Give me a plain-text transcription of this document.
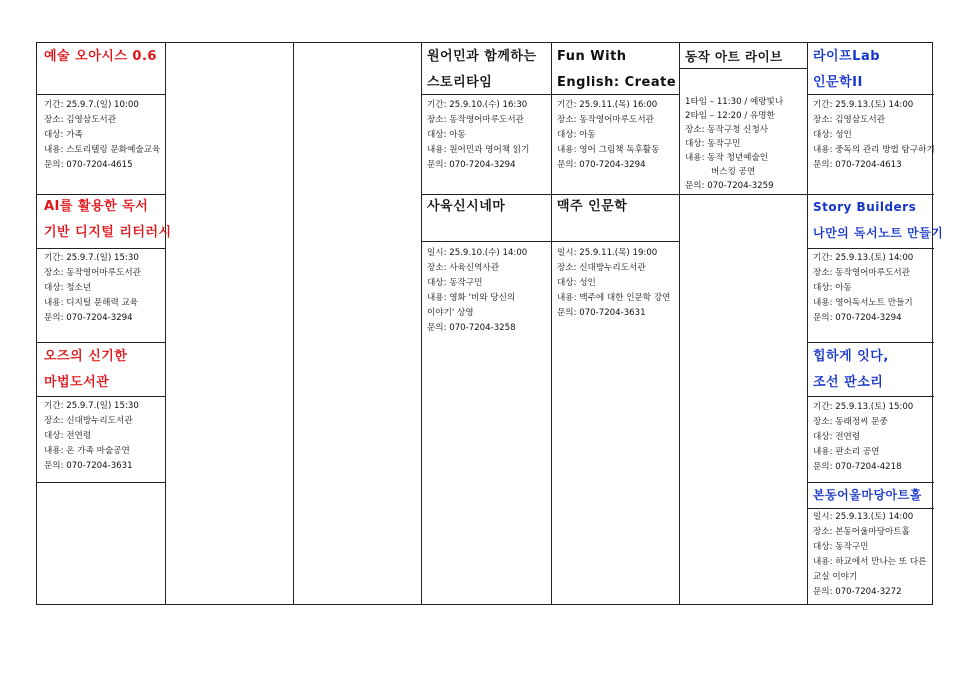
예술 오아시스 0.6
기간: 25.9.7.(일) 10:00
장소: 김영삼도서관
대상: 가족
내용: 스토리텔링 문화예술교육
문의: 070-7204-4615
AI를 활용한 독서
기반 디지털 리터러시
기간: 25.9.7.(일) 15:30
장소: 동작영어마루도서관
대상: 청소년
내용: 디지털 문해력 교육
문의: 070-7204-3294
오즈의 신기한
마법도서관
기간: 25.9.7.(일) 15:30
장소: 신대방누리도서관
대상: 전연령
내용: 온 가족 마술공연
문의: 070-7204-3631
원어민과 함께하는
스토리타임
기간: 25.9.10.(수) 16:30
장소: 동작영어마루도서관
대상: 아동
내용: 원어민과 영어책 읽기
문의: 070-7204-3294
사육신시네마
일시: 25.9.10.(수) 14:00
장소: 사육신역사관
대상: 동작구민
내용: 영화 '비와 당신의
이야기' 상영
문의: 070-7204-3258
Fun With
English: Create
기간: 25.9.11.(목) 16:00
장소: 동작영어마루도서관
대상: 아동
내용: 영어 그림책 독후활동
문의: 070-7204-3294
맥주 인문학
일시: 25.9.11.(목) 19:00
장소: 신대방누리도서관
대상: 성인
내용: 맥주에 대한 인문학 강연
문의: 070-7204-3631
동작 아트 라이브
1타임 – 11:30 / 예랑빛나
2타임 – 12:20 / 유명한
장소: 동작구청 신청사
대상: 동작구민
내용: 동작 청년예술인
버스킹 공연
문의: 070-7204-3259
라이프Lab
인문학II
기간: 25.9.13.(토) 14:00
장소: 김영삼도서관
대상: 성인
내용: 중독의 관리 방법 탐구하기
문의: 070-7204-4613
Story Builders
나만의 독서노트 만들기
기간: 25.9.13.(토) 14:00
장소: 동작영어마루도서관
대상: 아동
내용: 영어독서노트 만들기
문의: 070-7204-3294
힙하게 잇다,
조선 판소리
기간: 25.9.13.(토) 15:00
장소: 동래정씨 문중
대상: 전연령
내용: 판소리 공연
문의: 070-7204-4218
본동어울마당아트홀
일시: 25.9.13.(토) 14:00
장소: 본동어울마당아트홀
대상: 동작구민
내용: 하교에서 만나는 또 다른
교실 이야기
문의: 070-7204-3272
